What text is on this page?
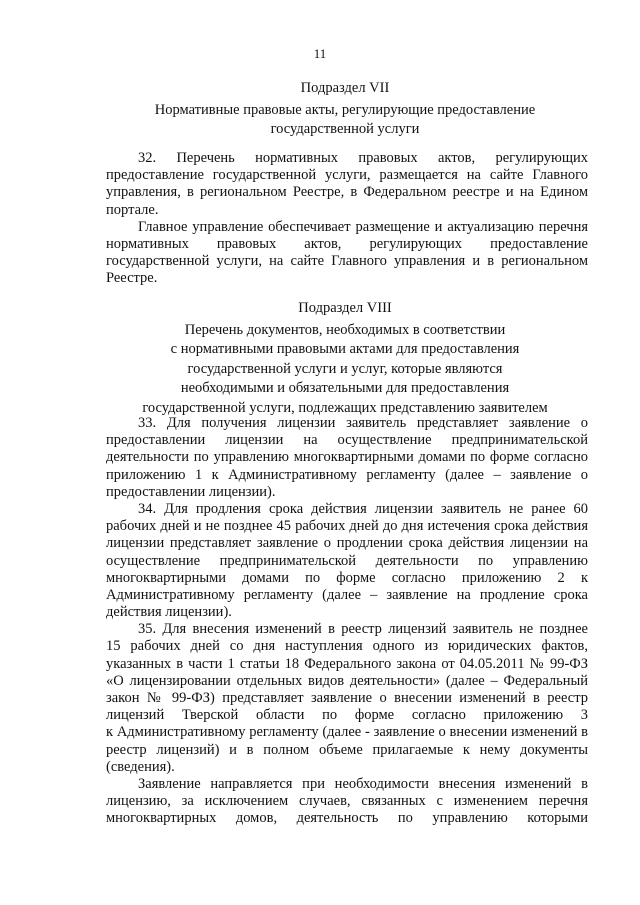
11
Подраздел VII
Нормативные правовые акты, регулирующие предоставление
государственной услуги
32. Перечень нормативных правовых актов, регулирующих
предоставление государственной услуги, размещается на сайте Главного
управления, в региональном Реестре, в Федеральном реестре и на Едином
портале.
Главное управление обеспечивает размещение и актуализацию перечня
нормативных правовых актов, регулирующих предоставление
государственной услуги, на сайте Главного управления и в региональном
Реестре.
Подраздел VIII
Перечень документов, необходимых в соответствии
с нормативными правовыми актами для предоставления
государственной услуги и услуг, которые являются
необходимыми и обязательными для предоставления
государственной услуги, подлежащих представлению заявителем
33. Для получения лицензии заявитель представляет заявление о
предоставлении лицензии на осуществление предпринимательской
деятельности по управлению многоквартирными домами по форме согласно
приложению 1 к Административному регламенту (далее – заявление о
предоставлении лицензии).
34. Для продления срока действия лицензии заявитель не ранее 60
рабочих дней и не позднее 45 рабочих дней до дня истечения срока действия
лицензии представляет заявление о продлении срока действия лицензии на
осуществление предпринимательской деятельности по управлению
многоквартирными домами по форме согласно приложению 2 к
Административному регламенту (далее – заявление на продление срока
действия лицензии).
35. Для внесения изменений в реестр лицензий заявитель не позднее
15 рабочих дней со дня наступления одного из юридических фактов,
указанных в части 1 статьи 18 Федерального закона от 04.05.2011 № 99-ФЗ
«О лицензировании отдельных видов деятельности» (далее – Федеральный
закон № 99-ФЗ) представляет заявление о внесении изменений в реестр
лицензий Тверской области по форме согласно приложению 3
к Административному регламенту (далее - заявление о внесении изменений в
реестр лицензий) и в полном объеме прилагаемые к нему документы
(сведения).
Заявление направляется при необходимости внесения изменений в
лицензию, за исключением случаев, связанных с изменением перечня
многоквартирных домов, деятельность по управлению которыми
